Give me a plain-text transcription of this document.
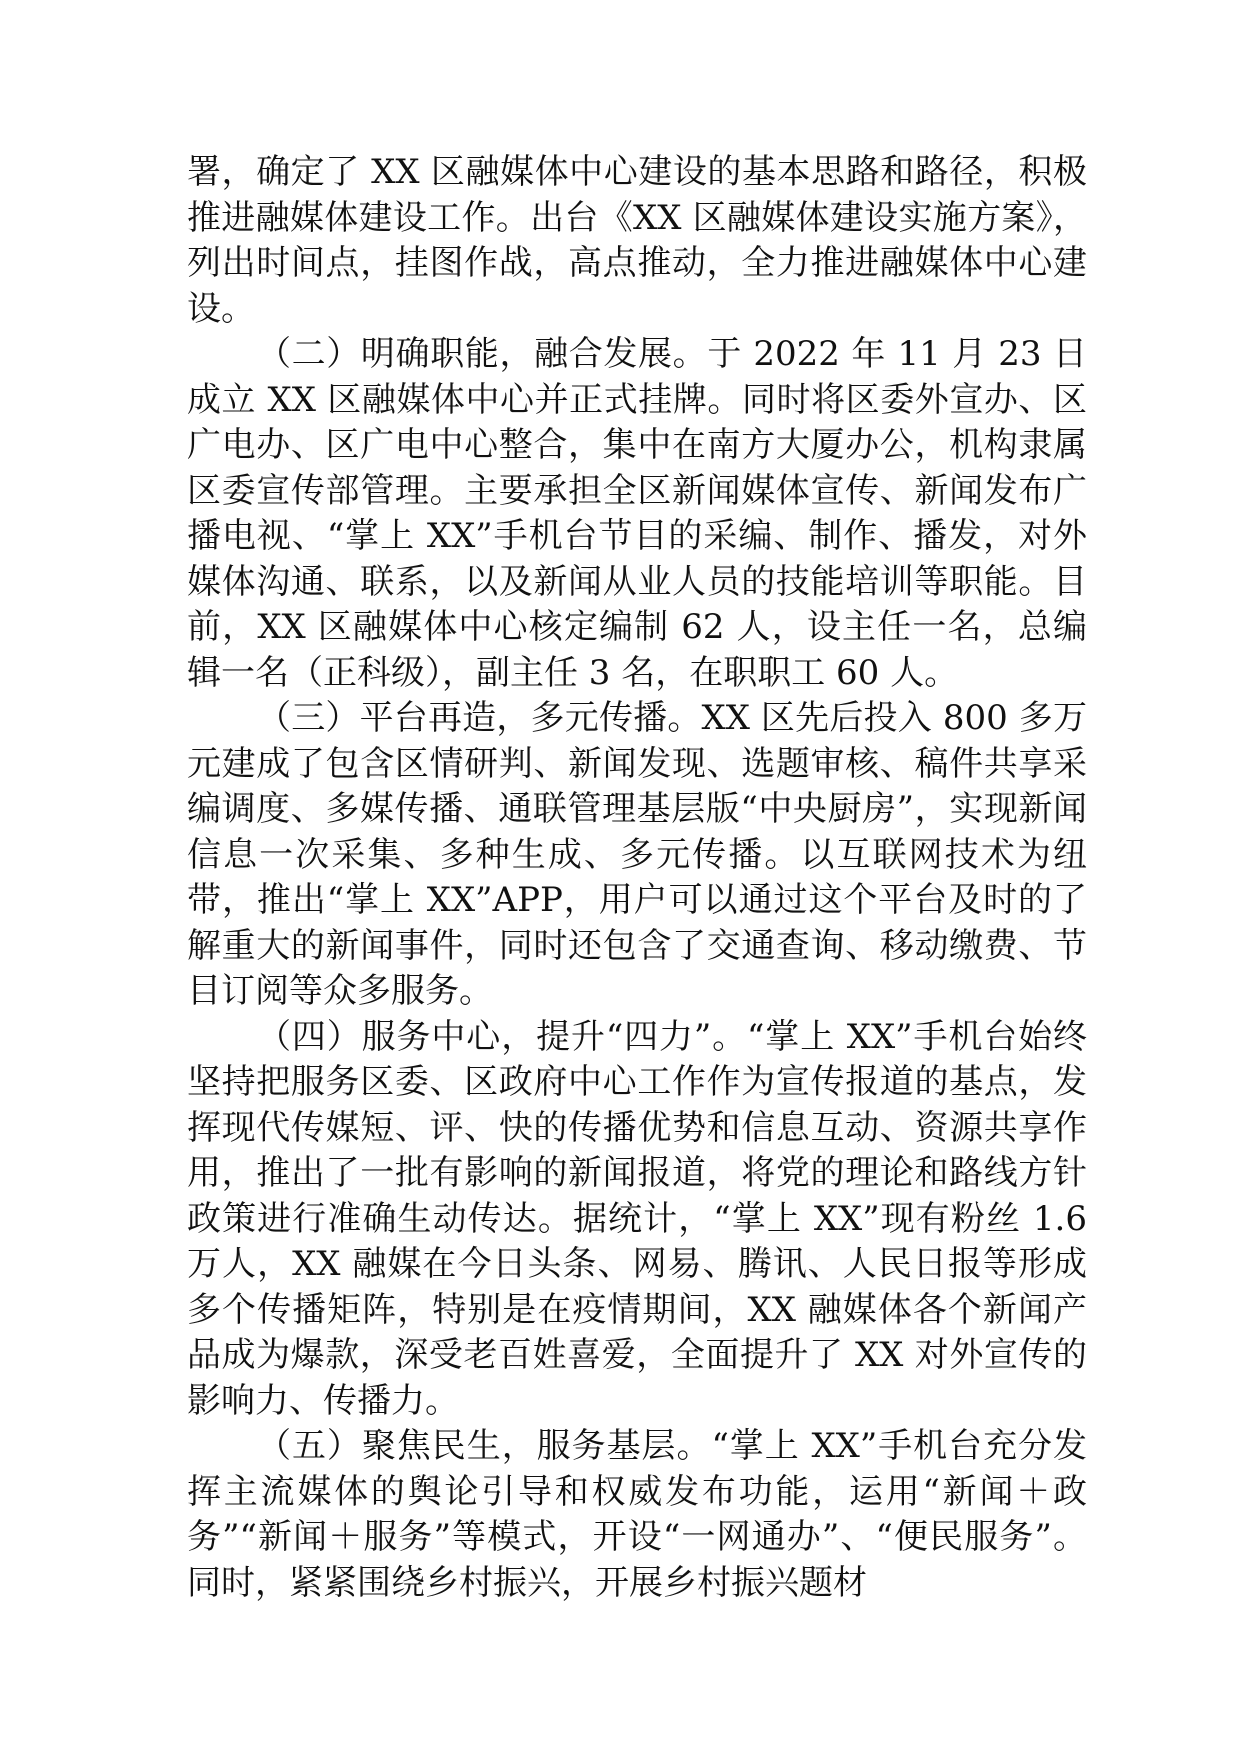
署，确定了 XX 区融媒体中心建设的基本思路和路径，积极推进融媒体建设工作。出台《XX 区融媒体建设实施方案》，列出时间点，挂图作战，高点推动，全力推进融媒体中心建设。

（二）明确职能，融合发展。于 2022 年 11 月 23 日成立 XX 区融媒体中心并正式挂牌。同时将区委外宣办、区广电办、区广电中心整合，集中在南方大厦办公，机构隶属区委宣传部管理。主要承担全区新闻媒体宣传、新闻发布广播电视、“掌上 XX”手机台节目的采编、制作、播发，对外媒体沟通、联系，以及新闻从业人员的技能培训等职能。目前，XX 区融媒体中心核定编制 62 人，设主任一名，总编辑一名（正科级），副主任 3 名，在职职工 60 人。

（三）平台再造，多元传播。XX 区先后投入 800 多万元建成了包含区情研判、新闻发现、选题审核、稿件共享采编调度、多媒传播、通联管理基层版“中央厨房”，实现新闻信息一次采集、多种生成、多元传播。以互联网技术为纽带，推出“掌上 XX”APP，用户可以通过这个平台及时的了解重大的新闻事件，同时还包含了交通查询、移动缴费、节目订阅等众多服务。

（四）服务中心，提升“四力”。“掌上 XX”手机台始终坚持把服务区委、区政府中心工作作为宣传报道的基点，发挥现代传媒短、评、快的传播优势和信息互动、资源共享作用，推出了一批有影响的新闻报道，将党的理论和路线方针政策进行准确生动传达。据统计，“掌上 XX”现有粉丝 1.6 万人，XX 融媒在今日头条、网易、腾讯、人民日报等形成多个传播矩阵，特别是在疫情期间，XX 融媒体各个新闻产品成为爆款，深受老百姓喜爱，全面提升了 XX 对外宣传的影响力、传播力。

（五）聚焦民生，服务基层。“掌上 XX”手机台充分发挥主流媒体的舆论引导和权威发布功能，运用“新闻＋政务”“新闻＋服务”等模式，开设“一网通办”、“便民服务”。同时，紧紧围绕乡村振兴，开展乡村振兴题材
